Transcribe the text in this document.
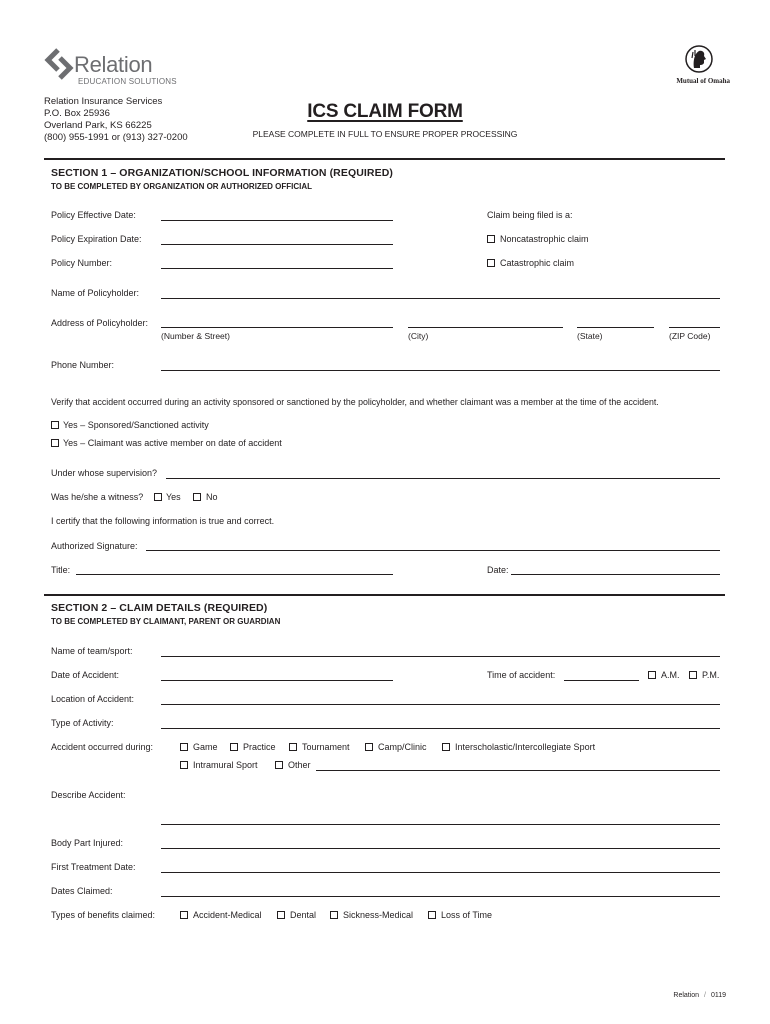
Relation
EDUCATION SOLUTIONS	Mutual of Omaha
Relation Insurance Services
P.O. Box 25936
Overland Park, KS 66225
(800) 955-1991 or (913) 327-0200
ICS CLAIM FORM
PLEASE COMPLETE IN FULL TO ENSURE PROPER PROCESSING
SECTION 1 – ORGANIZATION/SCHOOL INFORMATION (REQUIRED)
TO BE COMPLETED BY ORGANIZATION OR AUTHORIZED OFFICIAL
Policy Effective Date:
Policy Expiration Date:
Policy Number:
Claim being filed is a:
Noncatastrophic claim
Catastrophic claim
Name of Policyholder:
Address of Policyholder:
(Number & Street)	(City)	(State)	(ZIP Code)
Phone Number:
Verify that accident occurred during an activity sponsored or sanctioned by the policyholder, and whether claimant was a member at the time of the accident.
Yes – Sponsored/Sanctioned activity
Yes – Claimant was active member on date of accident
Under whose supervision?
Was he/she a witness?	Yes	No
I certify that the following information is true and correct.
Authorized Signature:
Title:	Date:
SECTION 2 – CLAIM DETAILS (REQUIRED)
TO BE COMPLETED BY CLAIMANT, PARENT OR GUARDIAN
Name of team/sport:
Date of Accident:	Time of accident:	A.M. P.M.
Location of Accident:
Type of Activity:
Accident occurred during:	Game	Practice	Tournament	Camp/Clinic	Interscholastic/Intercollegiate Sport
Intramural Sport	Other
Describe Accident:
Body Part Injured:
First Treatment Date:
Dates Claimed:
Types of benefits claimed:	Accident-Medical	Dental	Sickness-Medical	Loss of Time
Relation / 0119
